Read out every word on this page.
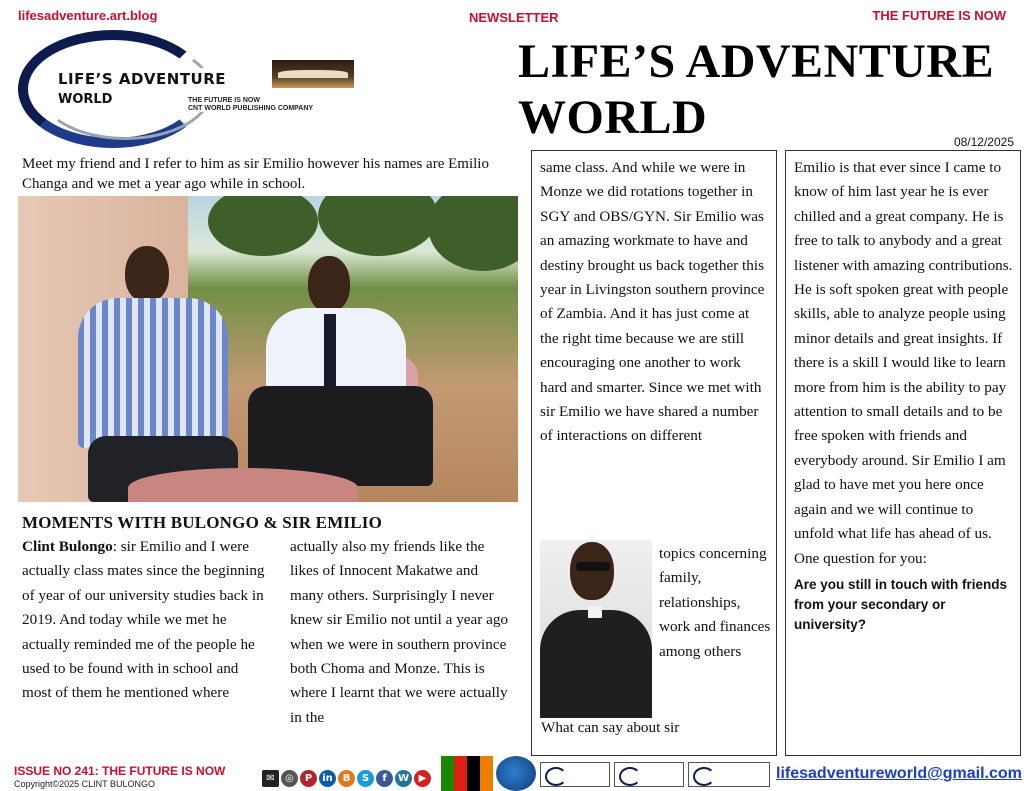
lifesadventure.art.blog	NEWSLETTER	THE FUTURE IS NOW
LIFE’S ADVENTURE
WORLD	THE FUTURE IS NOW
CNT WORLD PUBLISHING COMPANY
LIFE’S ADVENTURE WORLD	08/12/2025
Meet my friend and I refer to him as sir Emilio however his names are Emilio Changa and we met a year ago while in school.
MOMENTS WITH BULONGO & SIR EMILIO
Clint Bulongo: sir Emilio and I were actually class mates since the beginning of year of our university studies back in 2019. And today while we met he actually reminded me of the people he used to be found with in school and most of them he mentioned where
actually also my friends like the likes of Innocent Makatwe and many others. Surprisingly I never knew sir Emilio not until a year ago when we were in southern province both Choma and Monze. This is where I learnt that we were actually in the
same class. And while we were in Monze we did rotations together in SGY and OBS/GYN. Sir Emilio was an amazing workmate to have and destiny brought us back together this year in Livingston southern province of Zambia. And it has just come at the right time because we are still encouraging one another to work hard and smarter. Since we met with sir Emilio we have shared a number of interactions on different
topics concerning family, relationships, work and finances among others
What can say about sir
Emilio is that ever since I came to know of him last year he is ever chilled and a great company. He is free to talk to anybody and a great listener with amazing contributions. He is soft spoken great with people skills, able to analyze people using minor details and great insights. If there is a skill I would like to learn more from him is the ability to pay attention to small details and to be free spoken with friends and everybody around. Sir Emilio I am glad to have met you here once again and we will continue to unfold what life has ahead of us. One question for you:
Are you still in touch with friends from your secondary or university?
ISSUE NO 241: THE FUTURE IS NOW
Copyright©2025 CLINT BULONGO	✉	◎	P	in B	S	f	W ▶	lifesadventureworld@gmail.com
